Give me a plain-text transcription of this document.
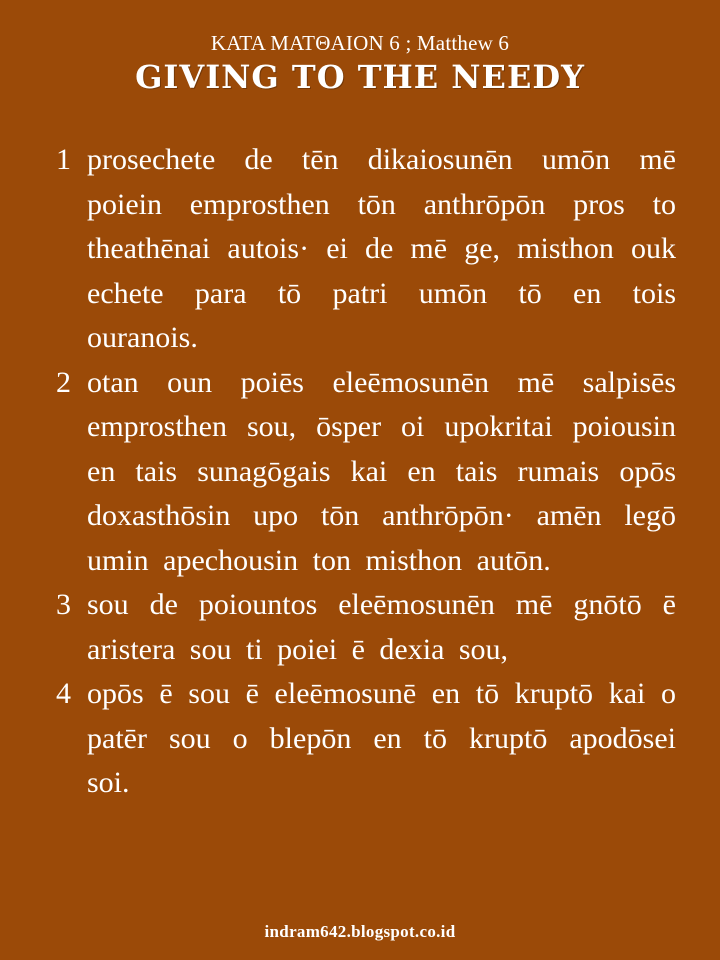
KATA MATΘAION 6 ; Matthew 6
GIVING TO THE NEEDY
1 prosechete de tēn dikaiosunēn umōn mē poiein emprosthen tōn anthrōpōn pros to theathēnai autois· ei de mē ge, misthon ouk echete para tō patri umōn tō en tois ouranois.
2 otan oun poiēs eleēmosunēn mē salpisēs emprosthen sou, ōsper oi upokritai poiousin en tais sunagōgais kai en tais rumais opōs doxasthōsin upo tōn anthrōpōn· amēn legō umin apechousin ton misthon autōn.
3 sou de poiountos eleēmosunēn mē gnōtō ē aristera sou ti poiei ē dexia sou,
4 opōs ē sou ē eleēmosunē en tō kruptō kai o patēr sou o blepōn en tō kruptō apodōsei soi.
indram642.blogspot.co.id
